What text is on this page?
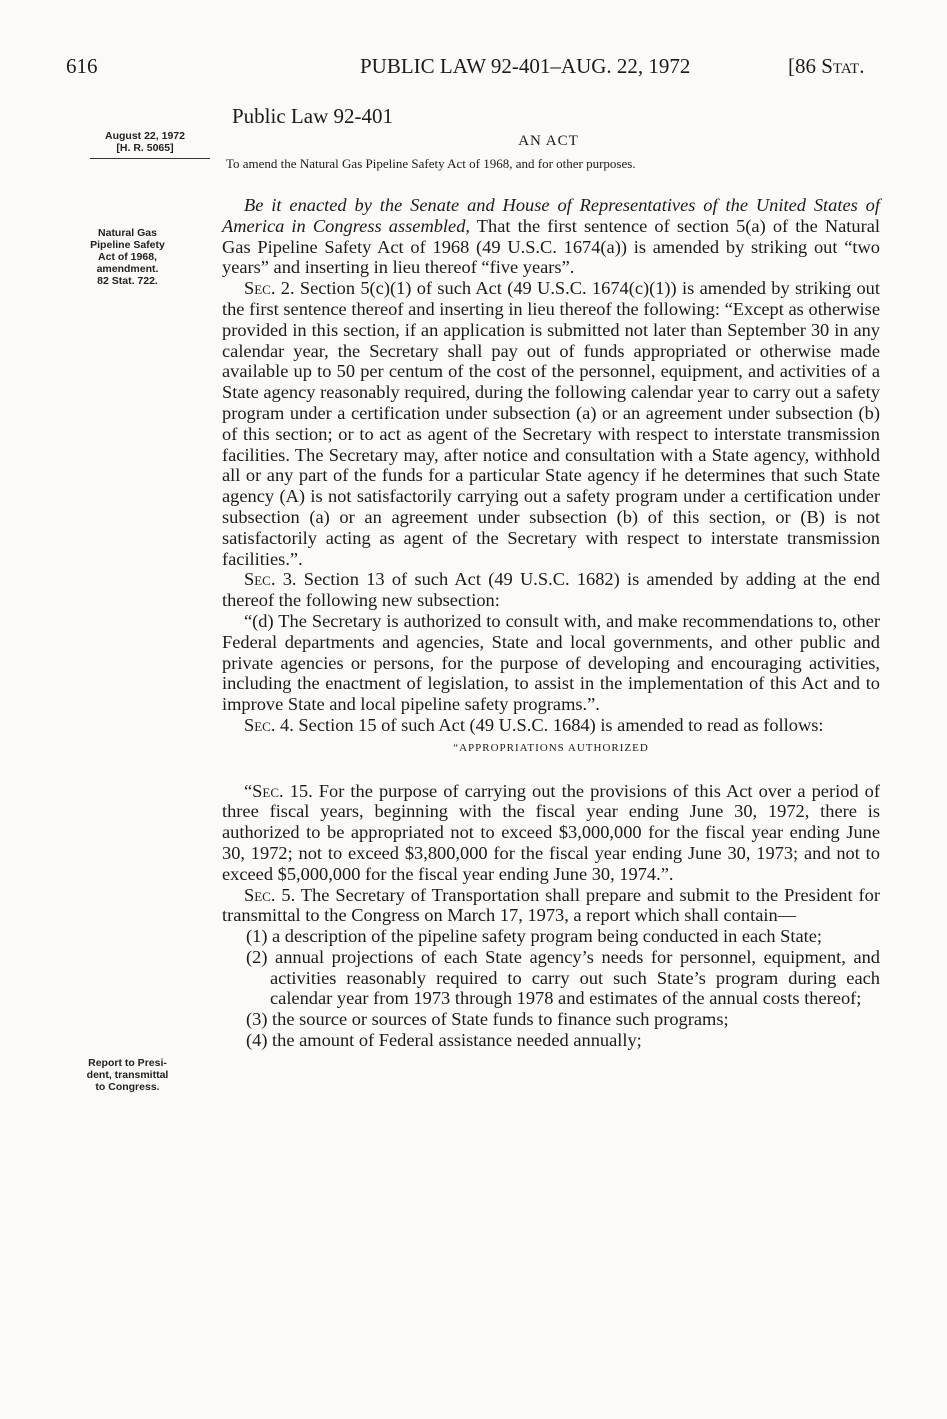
616	PUBLIC LAW 92-401–AUG. 22, 1972	[86 Stat.
August 22, 1972
[H. R. 5065]
Natural Gas
Pipeline Safety
Act of 1968,
amendment.
82 Stat. 722.
Report to Presi-
dent, transmittal
to Congress.
Public Law 92-401
AN ACT
To amend the Natural Gas Pipeline Safety Act of 1968, and for other purposes.

Be it enacted by the Senate and House of Representatives of the United States of America in Congress assembled, That the first sentence of section 5(a) of the Natural Gas Pipeline Safety Act of 1968 (49 U.S.C. 1674(a)) is amended by striking out “two years” and inserting in lieu thereof “five years”.

Sec. 2. Section 5(c)(1) of such Act (49 U.S.C. 1674(c)(1)) is amended by striking out the first sentence thereof and inserting in lieu thereof the following: “Except as otherwise provided in this section, if an application is submitted not later than September 30 in any calendar year, the Secretary shall pay out of funds appropriated or otherwise made available up to 50 per centum of the cost of the personnel, equipment, and activities of a State agency reasonably required, during the following calendar year to carry out a safety program under a certification under subsection (a) or an agreement under subsection (b) of this section; or to act as agent of the Secretary with respect to interstate transmission facilities. The Secretary may, after notice and consultation with a State agency, withhold all or any part of the funds for a particular State agency if he determines that such State agency (A) is not satisfactorily carrying out a safety program under a certification under subsection (a) or an agreement under subsection (b) of this section, or (B) is not satisfactorily acting as agent of the Secretary with respect to interstate transmission facilities.”.

Sec. 3. Section 13 of such Act (49 U.S.C. 1682) is amended by adding at the end thereof the following new subsection:

“(d) The Secretary is authorized to consult with, and make recommendations to, other Federal departments and agencies, State and local governments, and other public and private agencies or persons, for the purpose of developing and encouraging activities, including the enactment of legislation, to assist in the implementation of this Act and to improve State and local pipeline safety programs.”.

Sec. 4. Section 15 of such Act (49 U.S.C. 1684) is amended to read as follows:

“APPROPRIATIONS AUTHORIZED

“Sec. 15. For the purpose of carrying out the provisions of this Act over a period of three fiscal years, beginning with the fiscal year ending June 30, 1972, there is authorized to be appropriated not to exceed $3,000,000 for the fiscal year ending June 30, 1972; not to exceed $3,800,000 for the fiscal year ending June 30, 1973; and not to exceed $5,000,000 for the fiscal year ending June 30, 1974.”.

Sec. 5. The Secretary of Transportation shall prepare and submit to the President for transmittal to the Congress on March 17, 1973, a report which shall contain—

(1) a description of the pipeline safety program being conducted in each State;

(2) annual projections of each State agency’s needs for personnel, equipment, and activities reasonably required to carry out such State’s program during each calendar year from 1973 through 1978 and estimates of the annual costs thereof;

(3) the source or sources of State funds to finance such programs;

(4) the amount of Federal assistance needed annually;
